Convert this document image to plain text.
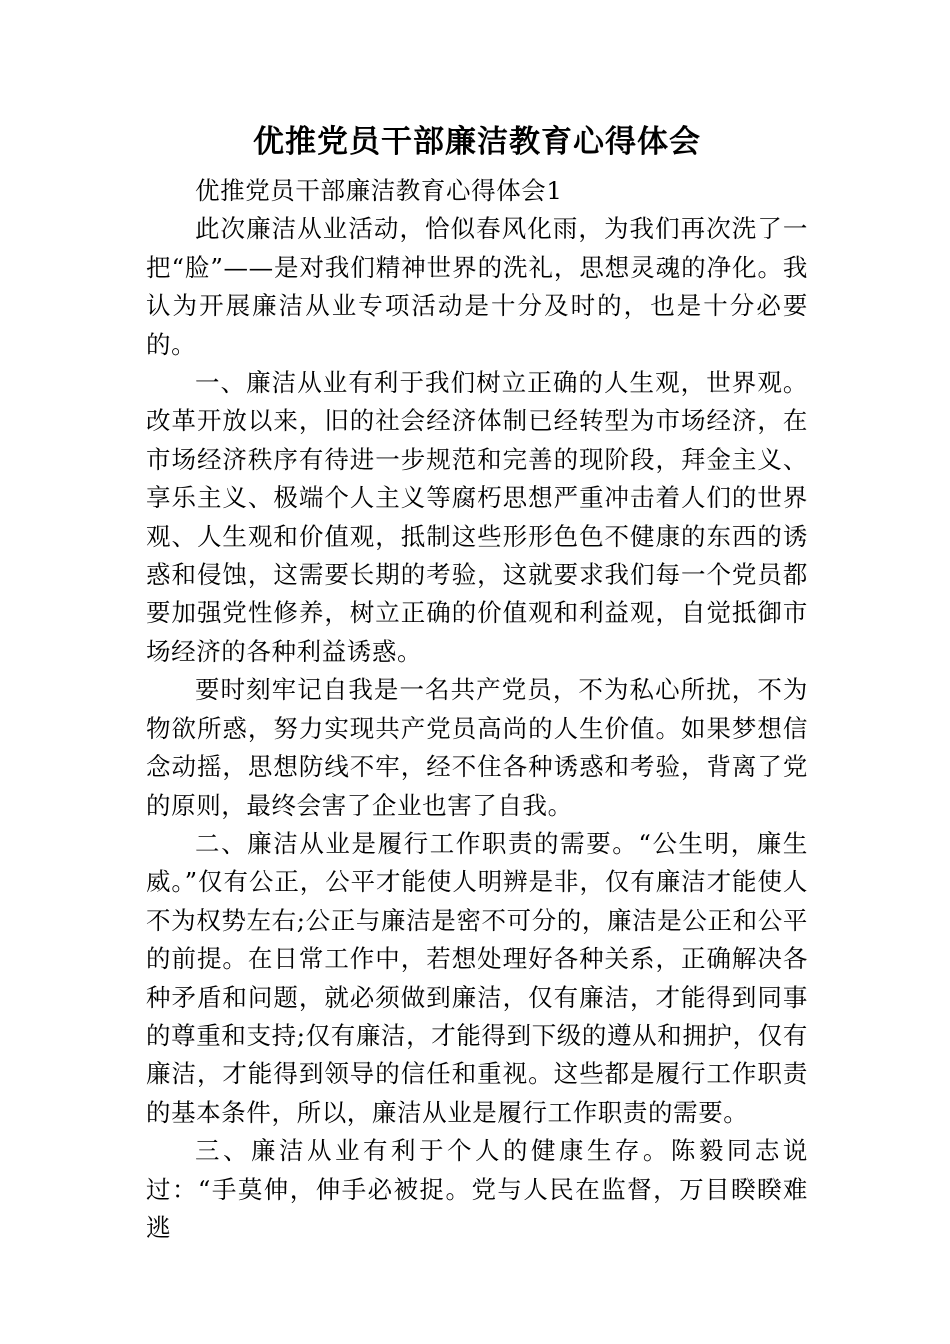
优推党员干部廉洁教育心得体会

优推党员干部廉洁教育心得体会1

此次廉洁从业活动，恰似春风化雨，为我们再次洗了一把“脸”——是对我们精神世界的洗礼，思想灵魂的净化。我认为开展廉洁从业专项活动是十分及时的，也是十分必要的。

一、廉洁从业有利于我们树立正确的人生观，世界观。改革开放以来，旧的社会经济体制已经转型为市场经济，在市场经济秩序有待进一步规范和完善的现阶段，拜金主义、享乐主义、极端个人主义等腐朽思想严重冲击着人们的世界观、人生观和价值观，抵制这些形形色色不健康的东西的诱惑和侵蚀，这需要长期的考验，这就要求我们每一个党员都要加强党性修养，树立正确的价值观和利益观，自觉抵御市场经济的各种利益诱惑。

要时刻牢记自我是一名共产党员，不为私心所扰，不为物欲所惑，努力实现共产党员高尚的人生价值。如果梦想信念动摇，思想防线不牢，经不住各种诱惑和考验，背离了党的原则，最终会害了企业也害了自我。

二、廉洁从业是履行工作职责的需要。“公生明，廉生威。”仅有公正，公平才能使人明辨是非，仅有廉洁才能使人不为权势左右;公正与廉洁是密不可分的，廉洁是公正和公平的前提。在日常工作中，若想处理好各种关系，正确解决各种矛盾和问题，就必须做到廉洁，仅有廉洁，才能得到同事的尊重和支持;仅有廉洁，才能得到下级的遵从和拥护，仅有廉洁，才能得到领导的信任和重视。这些都是履行工作职责的基本条件，所以，廉洁从业是履行工作职责的需要。

三、廉洁从业有利于个人的健康生存。陈毅同志说过：“手莫伸，伸手必被捉。党与人民在监督，万目睽睽难逃
